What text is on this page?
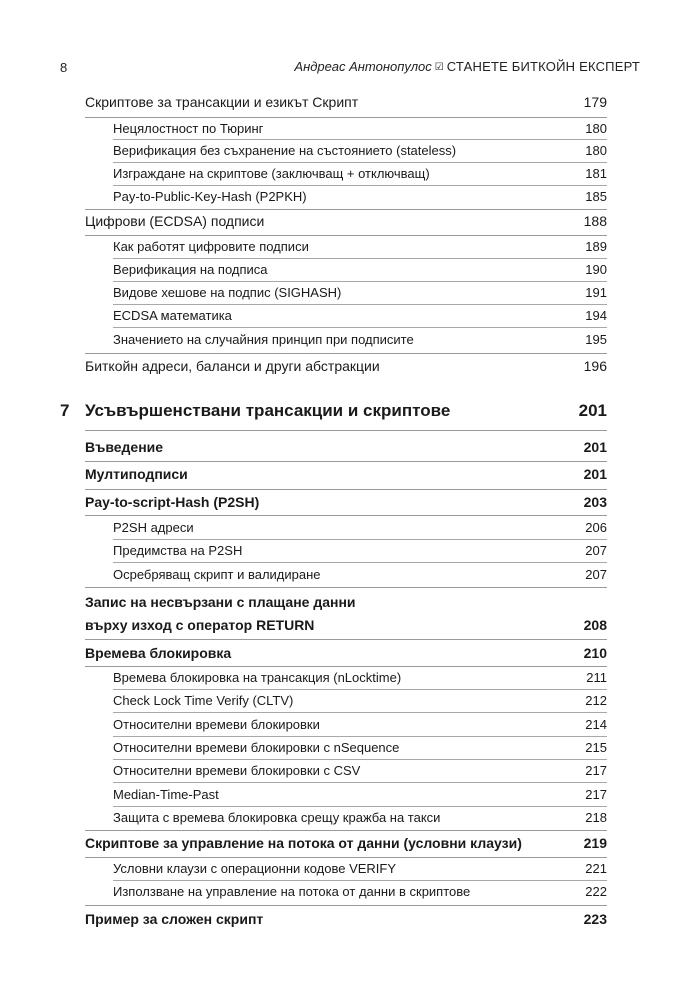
8	Андреас Антонопулос ☑ СТАНЕТЕ БИТКОЙН ЕКСПЕРТ
Скриптове за трансакции и езикът Скрипт	179
Нецялостност по Тюринг	180
Верификация без съхранение на състоянието (stateless)	180
Изграждане на скриптове (заключващ + отключващ)	181
Pay-to-Public-Key-Hash (P2PKH)	185
Цифрови (ECDSA) подписи	188
Как работят цифровите подписи	189
Верификация на подписа	190
Видове хешове на подпис (SIGHASH)	191
ECDSA математика	194
Значението на случайния принцип при подписите	195
Биткойн адреси, баланси и други абстракции	196
7 Усъвършенствани трансакции и скриптове	201
Въведение	201
Мултиподписи	201
Pay-to-script-Hash (P2SH)	203
P2SH адреси	206
Предимства на P2SH	207
Осребряващ скрипт и валидиране	207
Запис на несвързани с плащане данни
върху изход с оператор RETURN	208
Времева блокировка	210
Времева блокировка на трансакция (nLocktime)	211
Check Lock Time Verify (CLTV)	212
Относителни времеви блокировки	214
Относителни времеви блокировки с nSequence	215
Относителни времеви блокировки с CSV	217
Median-Time-Past	217
Защита с времева блокировка срещу кражба на такси	218
Скриптове за управление на потока от данни (условни клаузи)	219
Условни клаузи с операционни кодове VERIFY	221
Използване на управление на потока от данни в скриптове	222
Пример за сложен скрипт	223
